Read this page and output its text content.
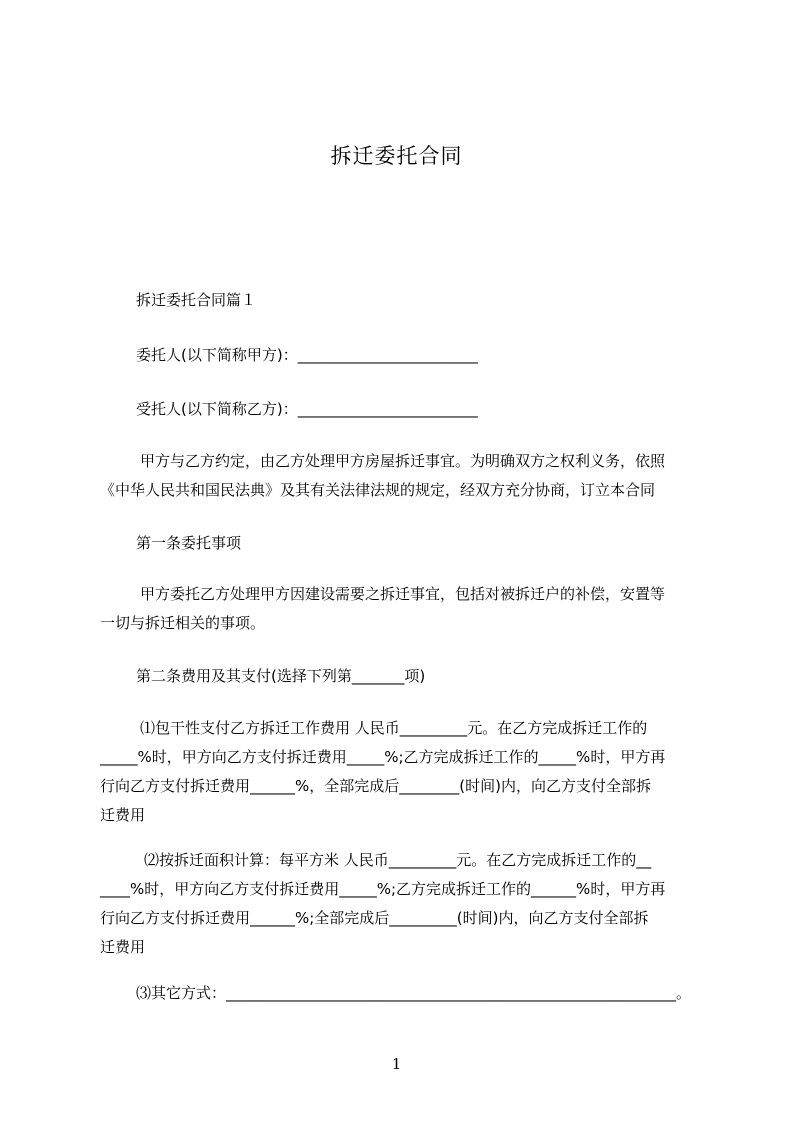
拆迁委托合同
拆迁委托合同篇１
委托人(以下简称甲方)：________________________
受托人(以下简称乙方)：________________________
甲方与乙方约定，由乙方处理甲方房屋拆迁事宜。为明确双方之权利义务，依照
《中华人民共和国民法典》及其有关法律法规的规定，经双方充分协商，订立本合同
第一条委托事项
甲方委托乙方处理甲方因建设需要之拆迁事宜，包括对被拆迁户的补偿，安置等
一切与拆迁相关的事项。
第二条费用及其支付(选择下列第_______项)
⑴包干性支付乙方拆迁工作费用 人民币_________元。在乙方完成拆迁工作的
_____%时，甲方向乙方支付拆迁费用_____%;乙方完成拆迁工作的_____%时，甲方再
行向乙方支付拆迁费用______%，全部完成后________(时间)内，向乙方支付全部拆
迁费用
⑵按拆迁面积计算：每平方米 人民币_________元。在乙方完成拆迁工作的__
____%时，甲方向乙方支付拆迁费用_____%;乙方完成拆迁工作的______%时，甲方再
行向乙方支付拆迁费用______%;全部完成后_________(时间)内，向乙方支付全部拆
迁费用
⑶其它方式：____________________________________________________________。
1
